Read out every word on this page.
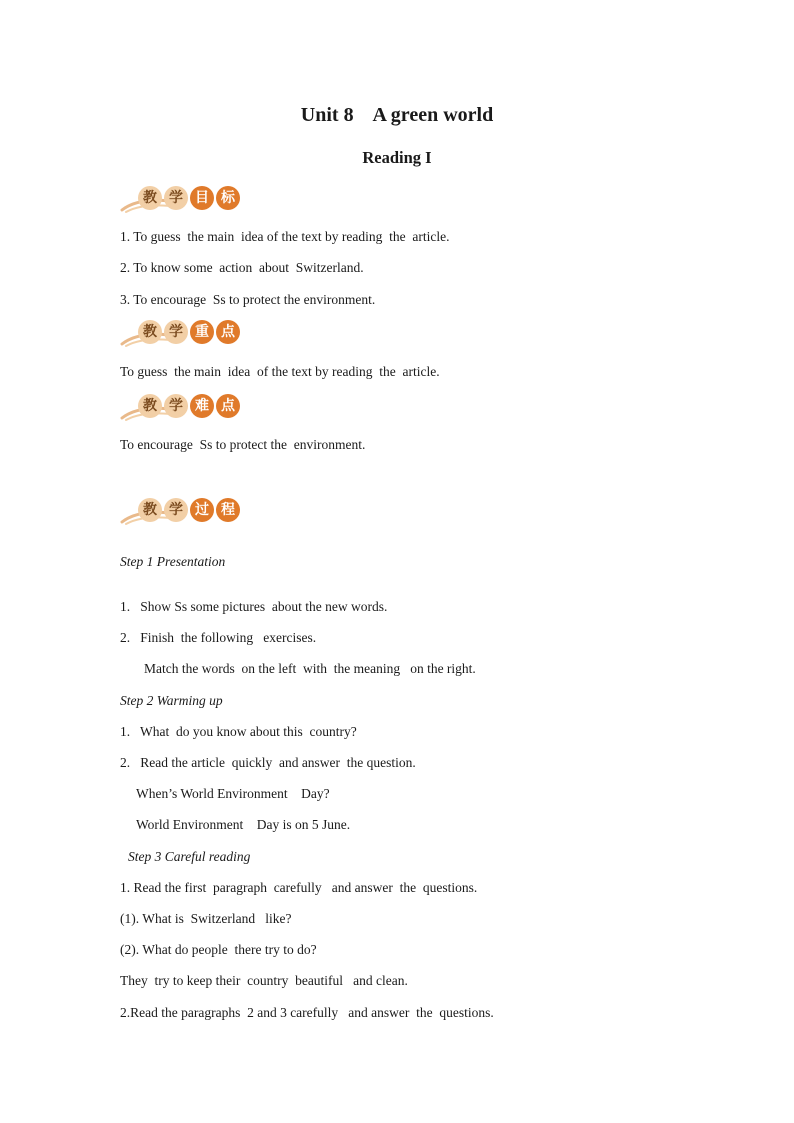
Unit 8    A green world
Reading I
教 学 目 标
1. To guess  the main  idea of the text by reading  the  article.
2. To know some  action  about  Switzerland.
3. To encourage  Ss to protect the environment.
教 学 重 点
To guess  the main  idea  of the text by reading  the  article.
教 学 难 点
To encourage  Ss to protect the  environment.
教 学 过 程
Step 1 Presentation
1.   Show Ss some pictures  about the new words.
2.   Finish  the following   exercises.
Match the words  on the left  with  the meaning   on the right.
Step 2 Warming up
1.   What  do you know about this  country?
2.   Read the article  quickly  and answer  the question.
When’s World Environment    Day?
World Environment    Day is on 5 June.
Step 3 Careful reading
1. Read the first  paragraph  carefully   and answer  the  questions.
(1). What is  Switzerland   like?
(2). What do people  there try to do?
They  try to keep their  country  beautiful   and clean.
2.Read the paragraphs  2 and 3 carefully   and answer  the  questions.
